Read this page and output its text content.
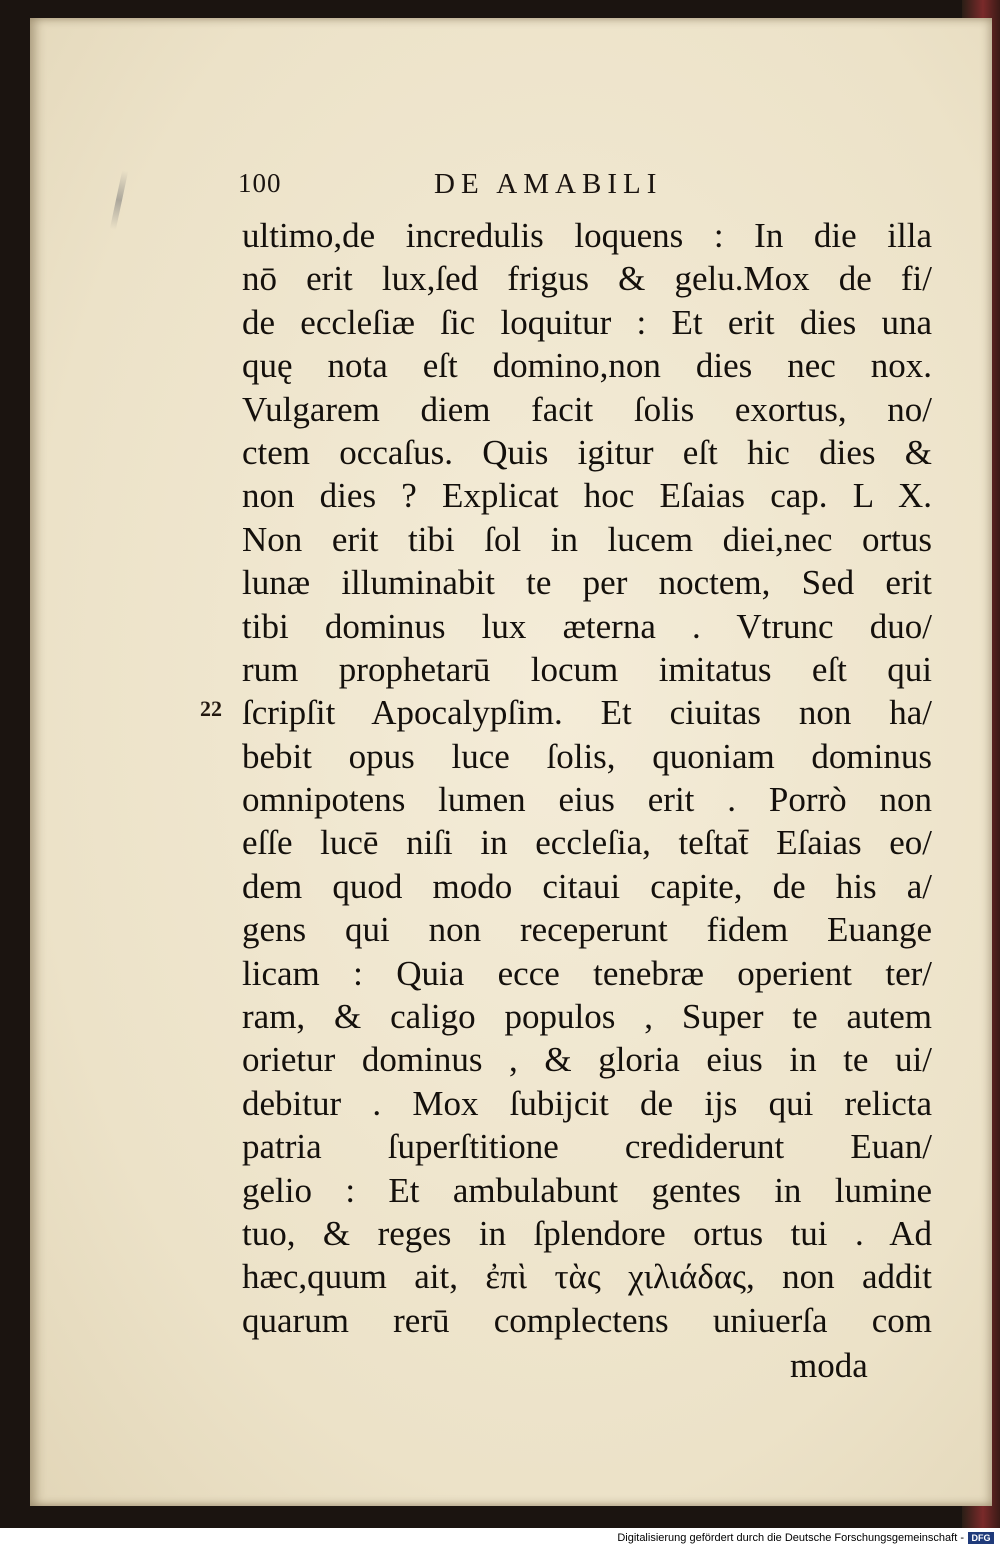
100	DE AMABILI
22
ultimo,de incredulis loquens : In die illa
nō erit lux,ſed frigus & gelu.Mox de fi/
de eccleſiæ ſic loquitur : Et erit dies una
quę nota eſt domino,non dies nec nox.
Vulgarem diem facit ſolis exortus, no/
ctem occaſus. Quis igitur eſt hic dies &
non dies ? Explicat hoc Eſaias cap. L X.
Non erit tibi ſol in lucem diei,nec ortus
lunæ illuminabit te per noctem, Sed erit
tibi dominus lux æterna . Vtrunc duo/
rum prophetarū locum imitatus eſt qui
ſcripſit Apocalypſim. Et ciuitas non ha/
bebit opus luce ſolis, quoniam dominus
omnipotens lumen eius erit . Porrò non
eſſe lucē niſi in eccleſia, teſtat̄ Eſaias eo/
dem quod modo citaui capite, de his a/
gens qui non receperunt fidem Euange
licam : Quia ecce tenebræ operient ter/
ram, & caligo populos , Super te autem
orietur dominus , & gloria eius in te ui/
debitur . Mox ſubijcit de ijs qui relicta
patria ſuperſtitione crediderunt Euan/
gelio : Et ambulabunt gentes in lumine
tuo, & reges in ſplendore ortus tui . Ad
hæc,quum ait, ἐπὶ τὰς χιλιάδας, non addit
quarum rerū complectens uniuerſa com
moda
Digitalisierung gefördert durch die Deutsche Forschungsgemeinschaft - DFG
